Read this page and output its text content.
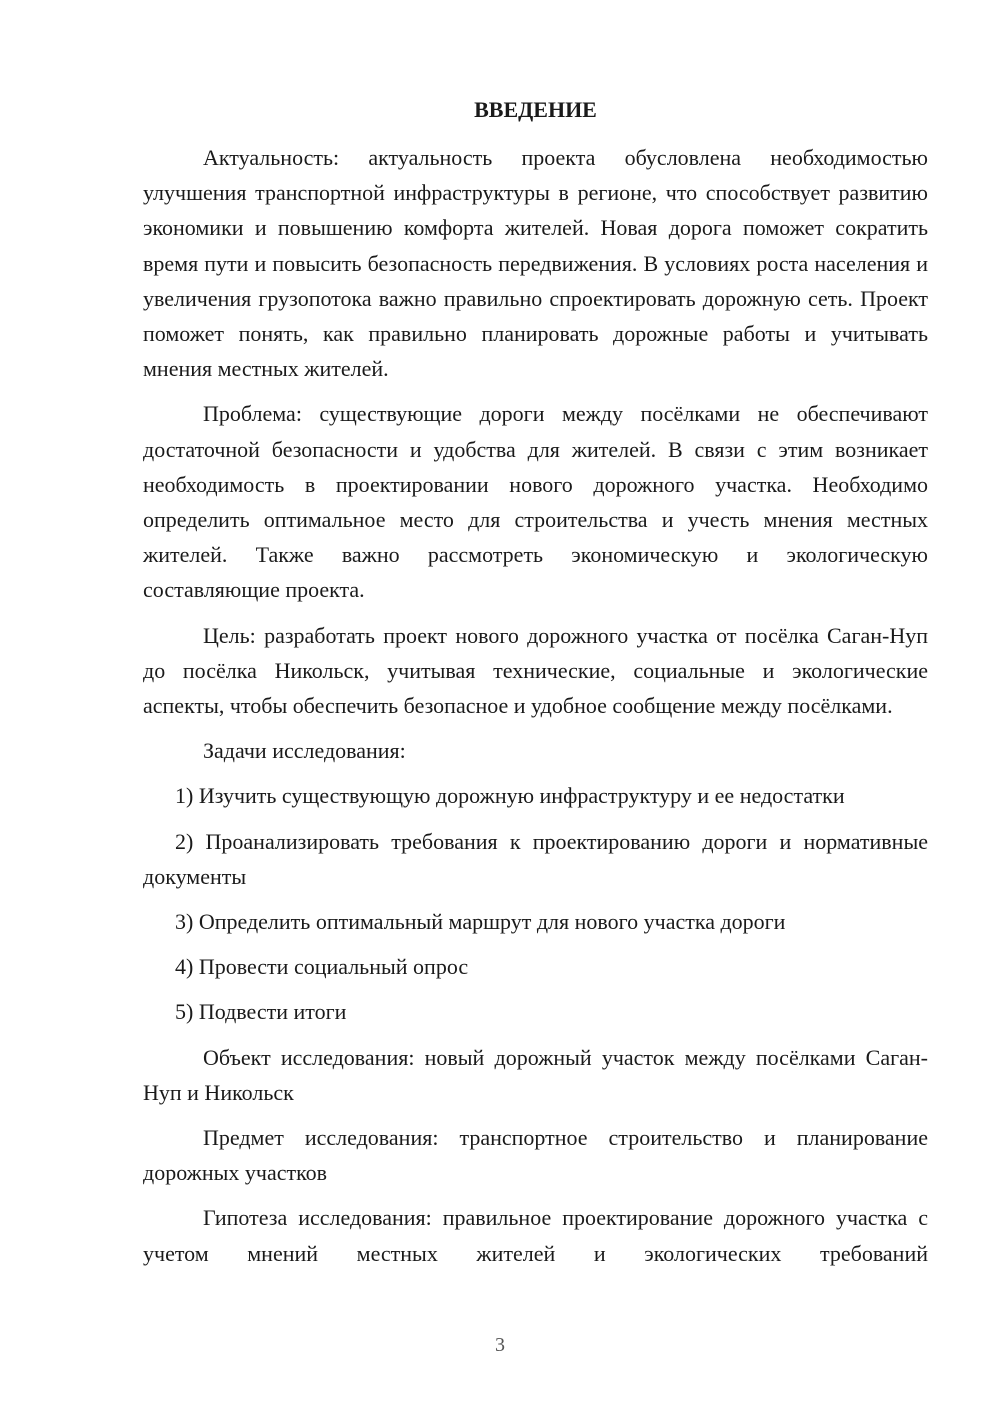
ВВЕДЕНИЕ

Актуальность: актуальность проекта обусловлена необходимостью улучшения транспортной инфраструктуры в регионе, что способствует развитию экономики и повышению комфорта жителей. Новая дорога поможет сократить время пути и повысить безопасность передвижения. В условиях роста населения и увеличения грузопотока важно правильно спроектировать дорожную сеть. Проект поможет понять, как правильно планировать дорожные работы и учитывать мнения местных жителей.

Проблема: существующие дороги между посёлками не обеспечивают достаточной безопасности и удобства для жителей. В связи с этим возникает необходимость в проектировании нового дорожного участка. Необходимо определить оптимальное место для строительства и учесть мнения местных жителей. Также важно рассмотреть экономическую и экологическую составляющие проекта.

Цель: разработать проект нового дорожного участка от посёлка Саган-Нуп до посёлка Никольск, учитывая технические, социальные и экологические аспекты, чтобы обеспечить безопасное и удобное сообщение между посёлками.

Задачи исследования:

1) Изучить существующую дорожную инфраструктуру и ее недостатки

2) Проанализировать требования к проектированию дороги и нормативные документы

3) Определить оптимальный маршрут для нового участка дороги

4) Провести социальный опрос

5) Подвести итоги

Объект исследования: новый дорожный участок между посёлками Саган-Нуп и Никольск

Предмет исследования: транспортное строительство и планирование дорожных участков

Гипотеза исследования: правильное проектирование дорожного участка с учетом мнений местных жителей и экологических требований

3
